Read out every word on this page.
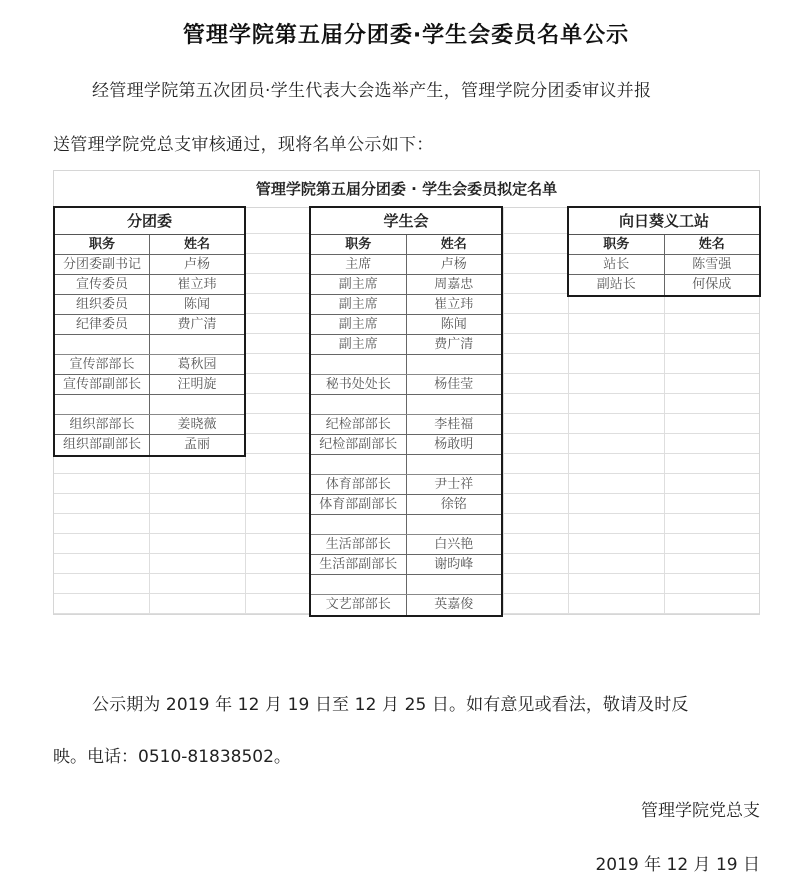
管理学院第五届分团委·学生会委员名单公示
经管理学院第五次团员·学生代表大会选举产生，管理学院分团委审议并报
送管理学院党总支审核通过，现将名单公示如下：
管理学院第五届分团委 · 学生会委员拟定名单
分团委
职务	姓名
分团委副书记	卢杨
宣传委员	崔立玮
组织委员	陈闻
纪律委员	费广清
宣传部部长	葛秋园
宣传部副部长	汪明旋
组织部部长	姜晓薇
组织部副部长	孟丽
学生会
职务	姓名
主席	卢杨
副主席	周嘉忠
副主席	崔立玮
副主席	陈闻
副主席	费广清
秘书处处长	杨佳莹
纪检部部长	李桂福
纪检部副部长	杨敢明
体育部部长	尹士祥
体育部副部长	徐铭
生活部部长	白兴艳
生活部副部长	谢昀峰
文艺部部长	英嘉俊
向日葵义工站
职务	姓名
站长	陈雪强
副站长	何保成
公示期为 2019 年 12 月 19 日至 12 月 25 日。如有意见或看法，敬请及时反
映。电话：0510-81838502。
管理学院党总支
2019 年 12 月 19 日
